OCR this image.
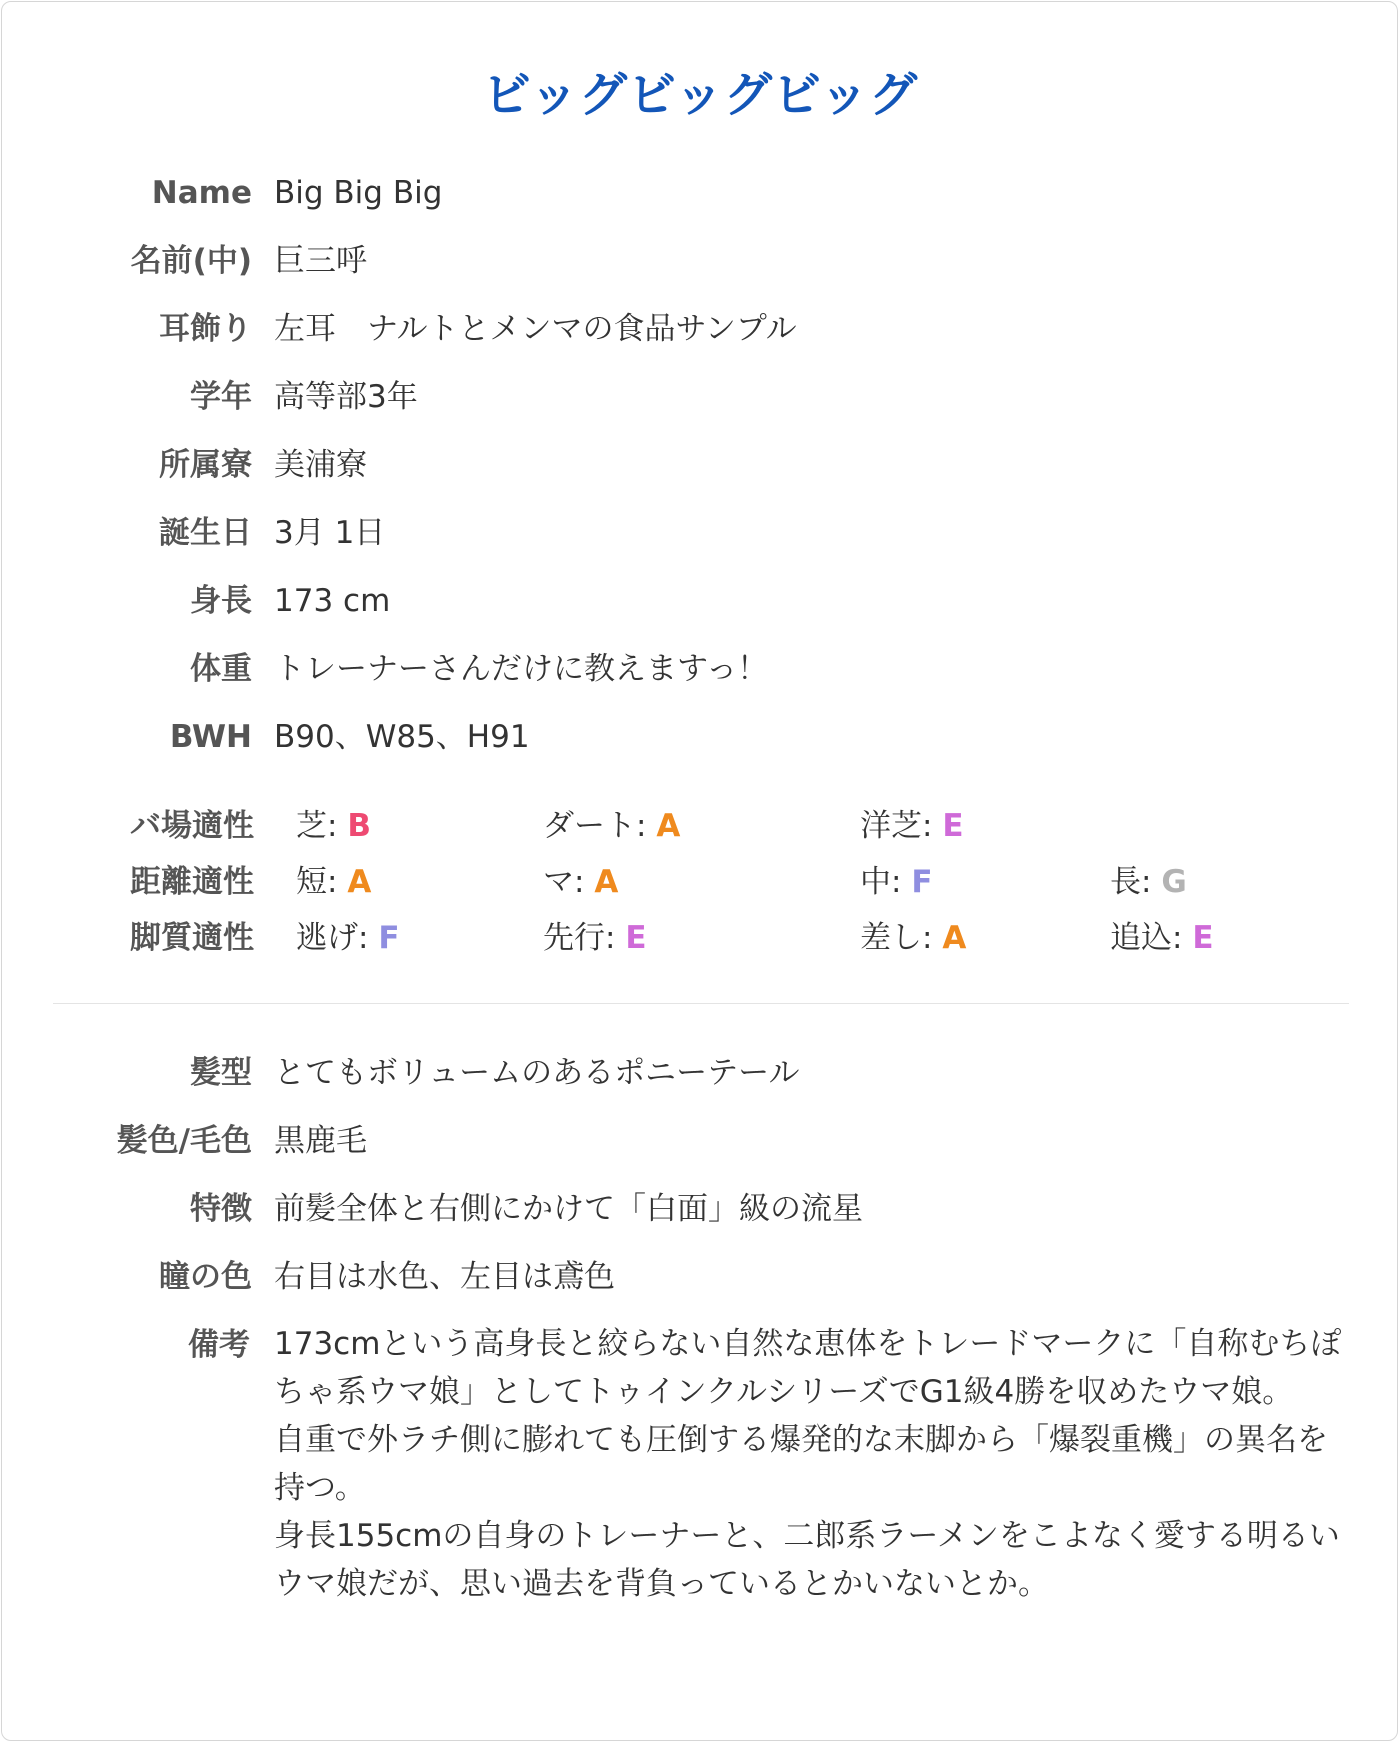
ビッグビッグビッグ
Name Big Big Big
名前(中) 巨三呼
耳飾り 左耳　ナルトとメンマの食品サンプル
学年 高等部3年
所属寮 美浦寮
誕生日 3月 1日
身長 173 cm
体重 トレーナーさんだけに教えますっ！
BWH B90、W85、H91
バ場適性 芝: B	ダート: A	洋芝: E
距離適性 短: A	マ: A	中: F	長: G
脚質適性 逃げ: F	先行: E	差し: A	追込: E
髪型 とてもボリュームのあるポニーテール
髪色/毛色 黒鹿毛
特徴 前髪全体と右側にかけて「白面」級の流星
瞳の色 右目は水色、左目は鳶色
備考 173cmという高身長と絞らない自然な恵体をトレードマークに「自称むちぽちゃ系ウマ娘」としてトゥインクルシリーズでG1級4勝を収めたウマ娘。

自重で外ラチ側に膨れても圧倒する爆発的な末脚から「爆裂重機」の異名を持つ。

身長155cmの自身のトレーナーと、二郎系ラーメンをこよなく愛する明るいウマ娘だが、思い過去を背負っているとかいないとか。
